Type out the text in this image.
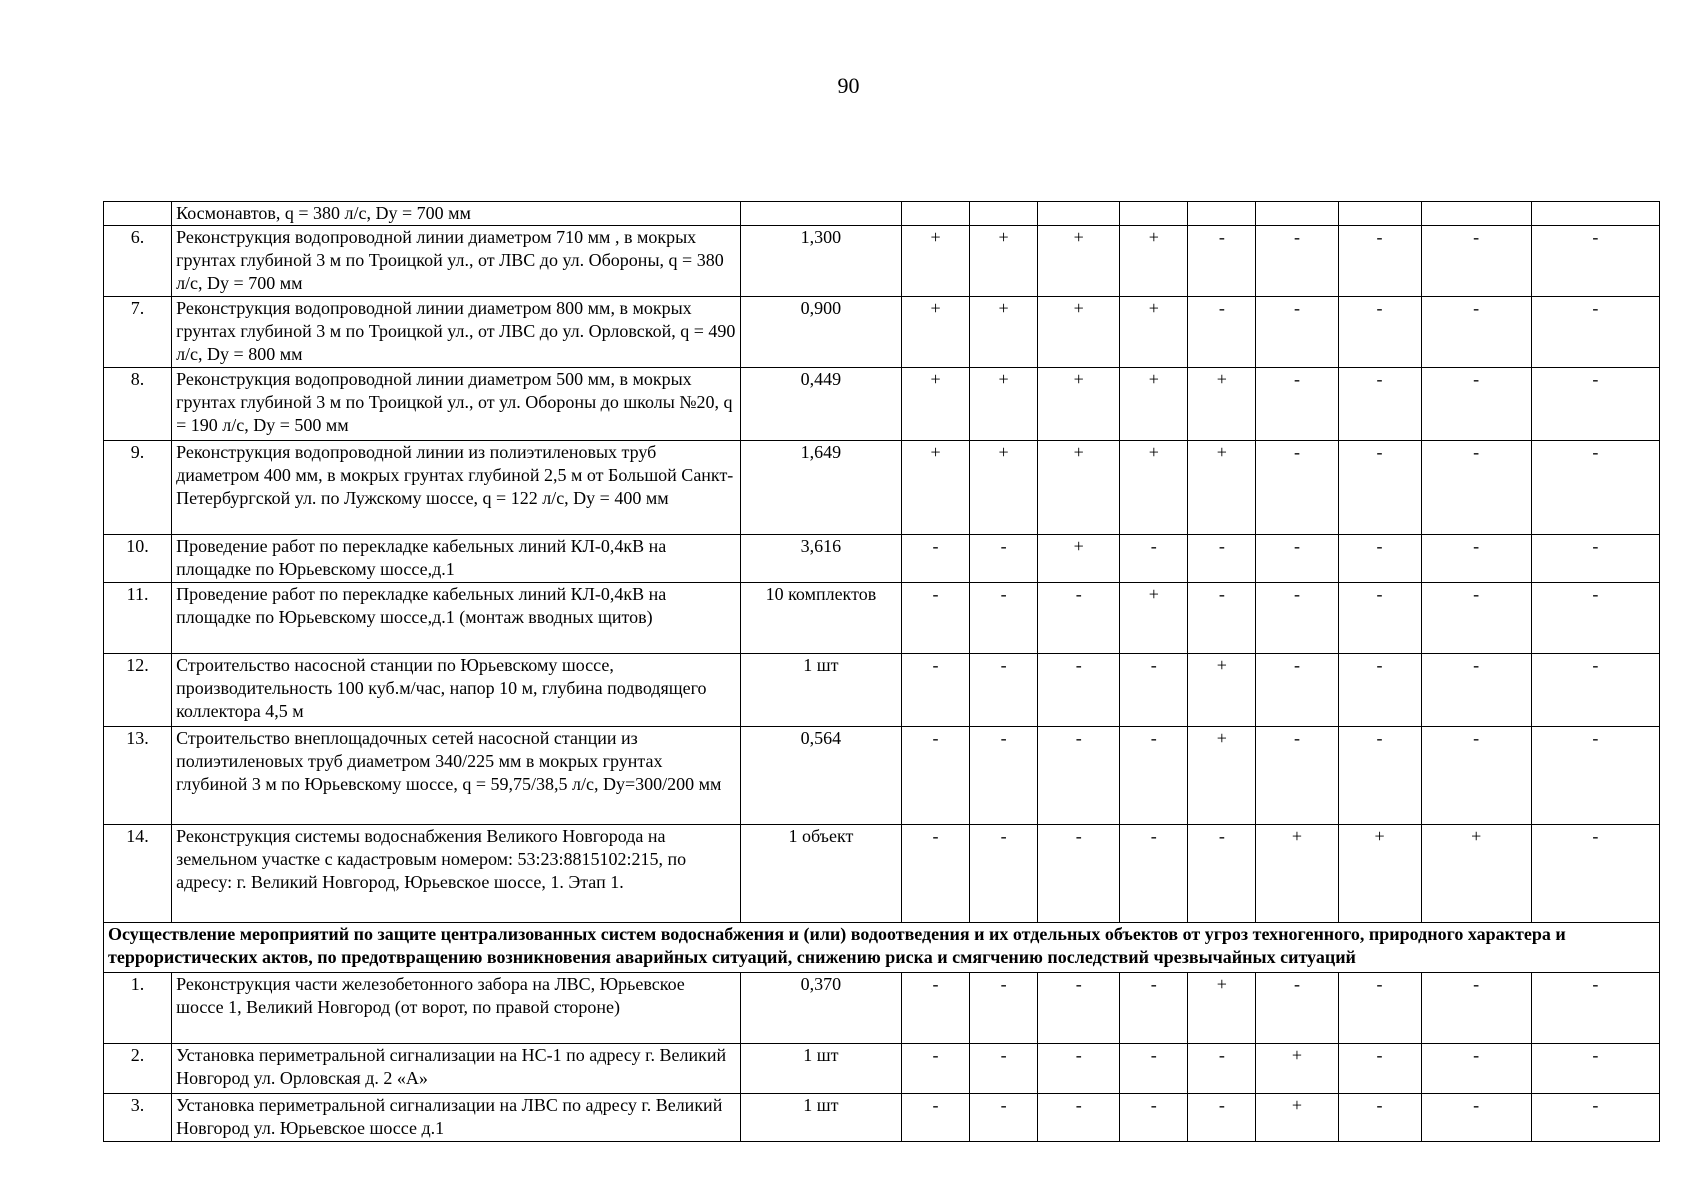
90
	Космонавтов, q = 380 л/с, Dy = 700 мм										
6.	Реконструкция водопроводной линии диаметром 710 мм , в мокрых грунтах глубиной 3 м по Троицкой ул., от ЛВС до ул. Обороны, q = 380 л/с, Dy = 700 мм	1,300	+	+	+	+	-	-	-	-	-
7.	Реконструкция водопроводной линии диаметром 800 мм, в мокрых грунтах глубиной 3 м по Троицкой ул., от ЛВС до ул. Орловской, q = 490 л/с, Dy = 800 мм	0,900	+	+	+	+	-	-	-	-	-
8.	Реконструкция водопроводной линии диаметром 500 мм, в мокрых грунтах глубиной 3 м по Троицкой ул., от ул. Обороны до школы №20, q = 190 л/с, Dy = 500 мм	0,449	+	+	+	+	+	-	-	-	-
9.	Реконструкция водопроводной линии из полиэтиленовых труб диаметром 400 мм, в мокрых грунтах глубиной 2,5 м от Большой Санкт-Петербургской ул. по Лужскому шоссе, q = 122 л/с, Dy = 400 мм	1,649	+	+	+	+	+	-	-	-	-
10.	Проведение работ по перекладке кабельных линий КЛ-0,4кВ на площадке по Юрьевскому шоссе,д.1	3,616	-	-	+	-	-	-	-	-	-
11.	Проведение работ по перекладке кабельных линий КЛ-0,4кВ на площадке по Юрьевскому шоссе,д.1 (монтаж вводных щитов)	10 комплектов	-	-	-	+	-	-	-	-	-
12.	Строительство насосной станции по Юрьевскому шоссе, производительность 100 куб.м/час, напор 10 м, глубина подводящего коллектора 4,5 м	1 шт	-	-	-	-	+	-	-	-	-
13.	Строительство внеплощадочных сетей насосной станции из полиэтиленовых труб диаметром 340/225 мм в мокрых грунтах глубиной 3 м по Юрьевскому шоссе, q = 59,75/38,5 л/с, Dy=300/200 мм	0,564	-	-	-	-	+	-	-	-	-
14.	Реконструкция системы водоснабжения Великого Новгорода на земельном участке с кадастровым номером: 53:23:8815102:215, по адресу: г. Великий Новгород, Юрьевское шоссе, 1. Этап 1.	1 объект	-	-	-	-	-	+	+	+	-
Осуществление мероприятий по защите централизованных систем водоснабжения и (или) водоотведения и их отдельных объектов от угроз техногенного, природного характера и террористических актов, по предотвращению возникновения аварийных ситуаций, снижению риска и смягчению последствий чрезвычайных ситуаций											
1.	Реконструкция части железобетонного забора на ЛВС, Юрьевское шоссе 1, Великий Новгород (от ворот, по правой стороне)	0,370	-	-	-	-	+	-	-	-	-
2.	Установка периметральной сигнализации на НС-1 по адресу г. Великий Новгород ул. Орловская д. 2 «А»	1 шт	-	-	-	-	-	+	-	-	-
3.	Установка периметральной сигнализации на ЛВС по адресу г. Великий Новгород ул. Юрьевское шоссе д.1	1 шт	-	-	-	-	-	+	-	-	-
